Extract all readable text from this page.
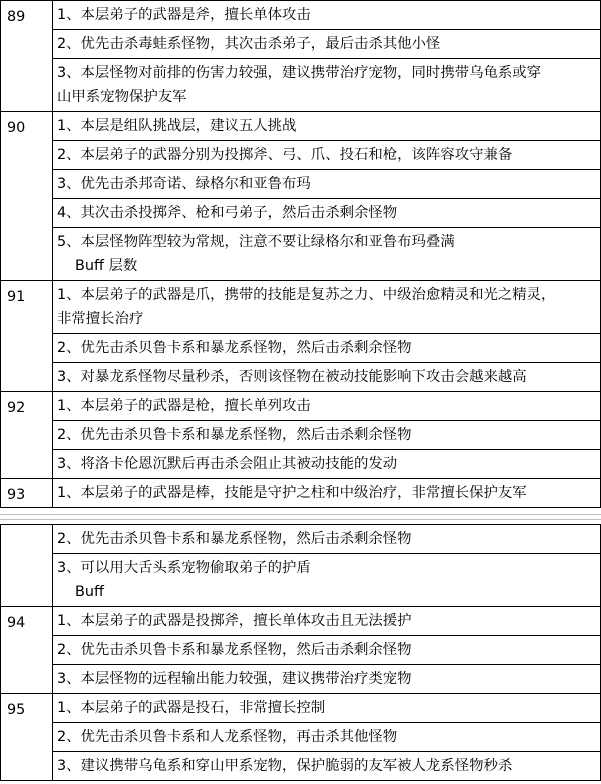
89	1、本层弟子的武器是斧，擅长单体攻击

	2、优先击杀毒蛙系怪物，其次击杀弟子，最后击杀其他小怪

	3、本层怪物对前排的伤害力较强，建议携带治疗宠物，同时携带乌龟系或穿
山甲系宠物保护友军

90	1、本层是组队挑战层，建议五人挑战

	2、本层弟子的武器分别为投掷斧、弓、爪、投石和枪，该阵容攻守兼备

	3、优先击杀邦奇诺、绿格尔和亚鲁布玛

	4、其次击杀投掷斧、枪和弓弟子，然后击杀剩余怪物

	5、本层怪物阵型较为常规，注意不要让绿格尔和亚鲁布玛叠满
Buff 层数

91	1、本层弟子的武器是爪，携带的技能是复苏之力、中级治愈精灵和光之精灵，
非常擅长治疗

	2、优先击杀贝鲁卡系和暴龙系怪物，然后击杀剩余怪物

	3、对暴龙系怪物尽量秒杀，否则该怪物在被动技能影响下攻击会越来越高

92	1、本层弟子的武器是枪，擅长单列攻击

	2、优先击杀贝鲁卡系和暴龙系怪物，然后击杀剩余怪物

	3、将洛卡伦恩沉默后再击杀会阻止其被动技能的发动

93	1、本层弟子的武器是棒，技能是守护之柱和中级治疗，非常擅长保护友军

	2、优先击杀贝鲁卡系和暴龙系怪物，然后击杀剩余怪物

	3、可以用大舌头系宠物偷取弟子的护盾
Buff

94	1、本层弟子的武器是投掷斧，擅长单体攻击且无法援护

	2、优先击杀贝鲁卡系和暴龙系怪物，然后击杀剩余怪物

	3、本层怪物的远程输出能力较强，建议携带治疗类宠物

95	1、本层弟子的武器是投石，非常擅长控制

	2、优先击杀贝鲁卡系和人龙系怪物，再击杀其他怪物

	3、建议携带乌龟系和穿山甲系宠物，保护脆弱的友军被人龙系怪物秒杀
